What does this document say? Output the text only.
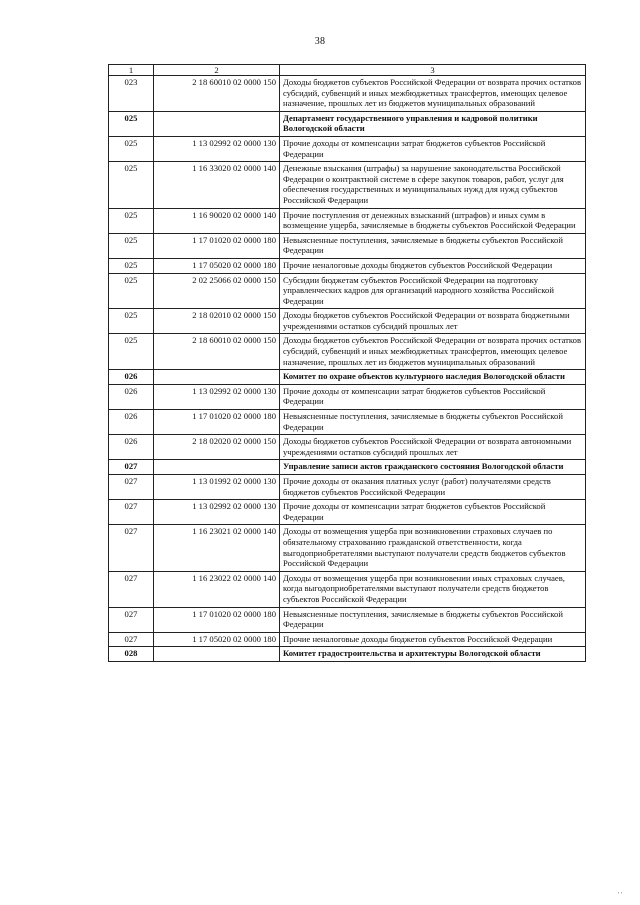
38
1	2	3
023	2 18 60010 02 0000 150	Доходы бюджетов субъектов Российской Федерации от возврата прочих остатков субсидий, субвенций и иных межбюджетных трансфертов, имеющих целевое назначение, прошлых лет из бюджетов муниципальных образований
025		Департамент государственного управления и кадровой политики Вологодской области
025	1 13 02992 02 0000 130	Прочие доходы от компенсации затрат бюджетов субъектов Российской Федерации
025	1 16 33020 02 0000 140	Денежные взыскания (штрафы) за нарушение законодательства Российской Федерации о контрактной системе в сфере закупок товаров, работ, услуг для обеспечения государственных и муниципальных нужд для нужд субъектов Российской Федерации
025	1 16 90020 02 0000 140	Прочие поступления от денежных взысканий (штрафов) и иных сумм в возмещение ущерба, зачисляемые в бюджеты субъектов Российской Федерации
025	1 17 01020 02 0000 180	Невыясненные поступления, зачисляемые в бюджеты субъектов Российской Федерации
025	1 17 05020 02 0000 180	Прочие неналоговые доходы бюджетов субъектов Российской Федерации
025	2 02 25066 02 0000 150	Субсидии бюджетам субъектов Российской Федерации на подготовку управленческих кадров для организаций народного хозяйства Российской Федерации
025	2 18 02010 02 0000 150	Доходы бюджетов субъектов Российской Федерации от возврата бюджетными учреждениями остатков субсидий прошлых лет
025	2 18 60010 02 0000 150	Доходы бюджетов субъектов Российской Федерации от возврата прочих остатков субсидий, субвенций и иных межбюджетных трансфертов, имеющих целевое назначение, прошлых лет из бюджетов муниципальных образований
026		Комитет по охране объектов культурного наследия Вологодской области
026	1 13 02992 02 0000 130	Прочие доходы от компенсации затрат бюджетов субъектов Российской Федерации
026	1 17 01020 02 0000 180	Невыясненные поступления, зачисляемые в бюджеты субъектов Российской Федерации
026	2 18 02020 02 0000 150	Доходы бюджетов субъектов Российской Федерации от возврата автономными учреждениями остатков субсидий прошлых лет
027		Управление записи актов гражданского состояния Вологодской области
027	1 13 01992 02 0000 130	Прочие доходы от оказания платных услуг (работ) получателями средств бюджетов субъектов Российской Федерации
027	1 13 02992 02 0000 130	Прочие доходы от компенсации затрат бюджетов субъектов Российской Федерации
027	1 16 23021 02 0000 140	Доходы от возмещения ущерба при возникновении страховых случаев по обязательному страхованию гражданской ответственности, когда выгодоприобретателями выступают получатели средств бюджетов субъектов Российской Федерации
027	1 16 23022 02 0000 140	Доходы от возмещения ущерба при возникновении иных страховых случаев, когда выгодоприобретателями выступают получатели средств бюджетов субъектов Российской Федерации
027	1 17 01020 02 0000 180	Невыясненные поступления, зачисляемые в бюджеты субъектов Российской Федерации
027	1 17 05020 02 0000 180	Прочие неналоговые доходы бюджетов субъектов Российской Федерации
028		Комитет градостроительства и архитектуры Вологодской области
' '
